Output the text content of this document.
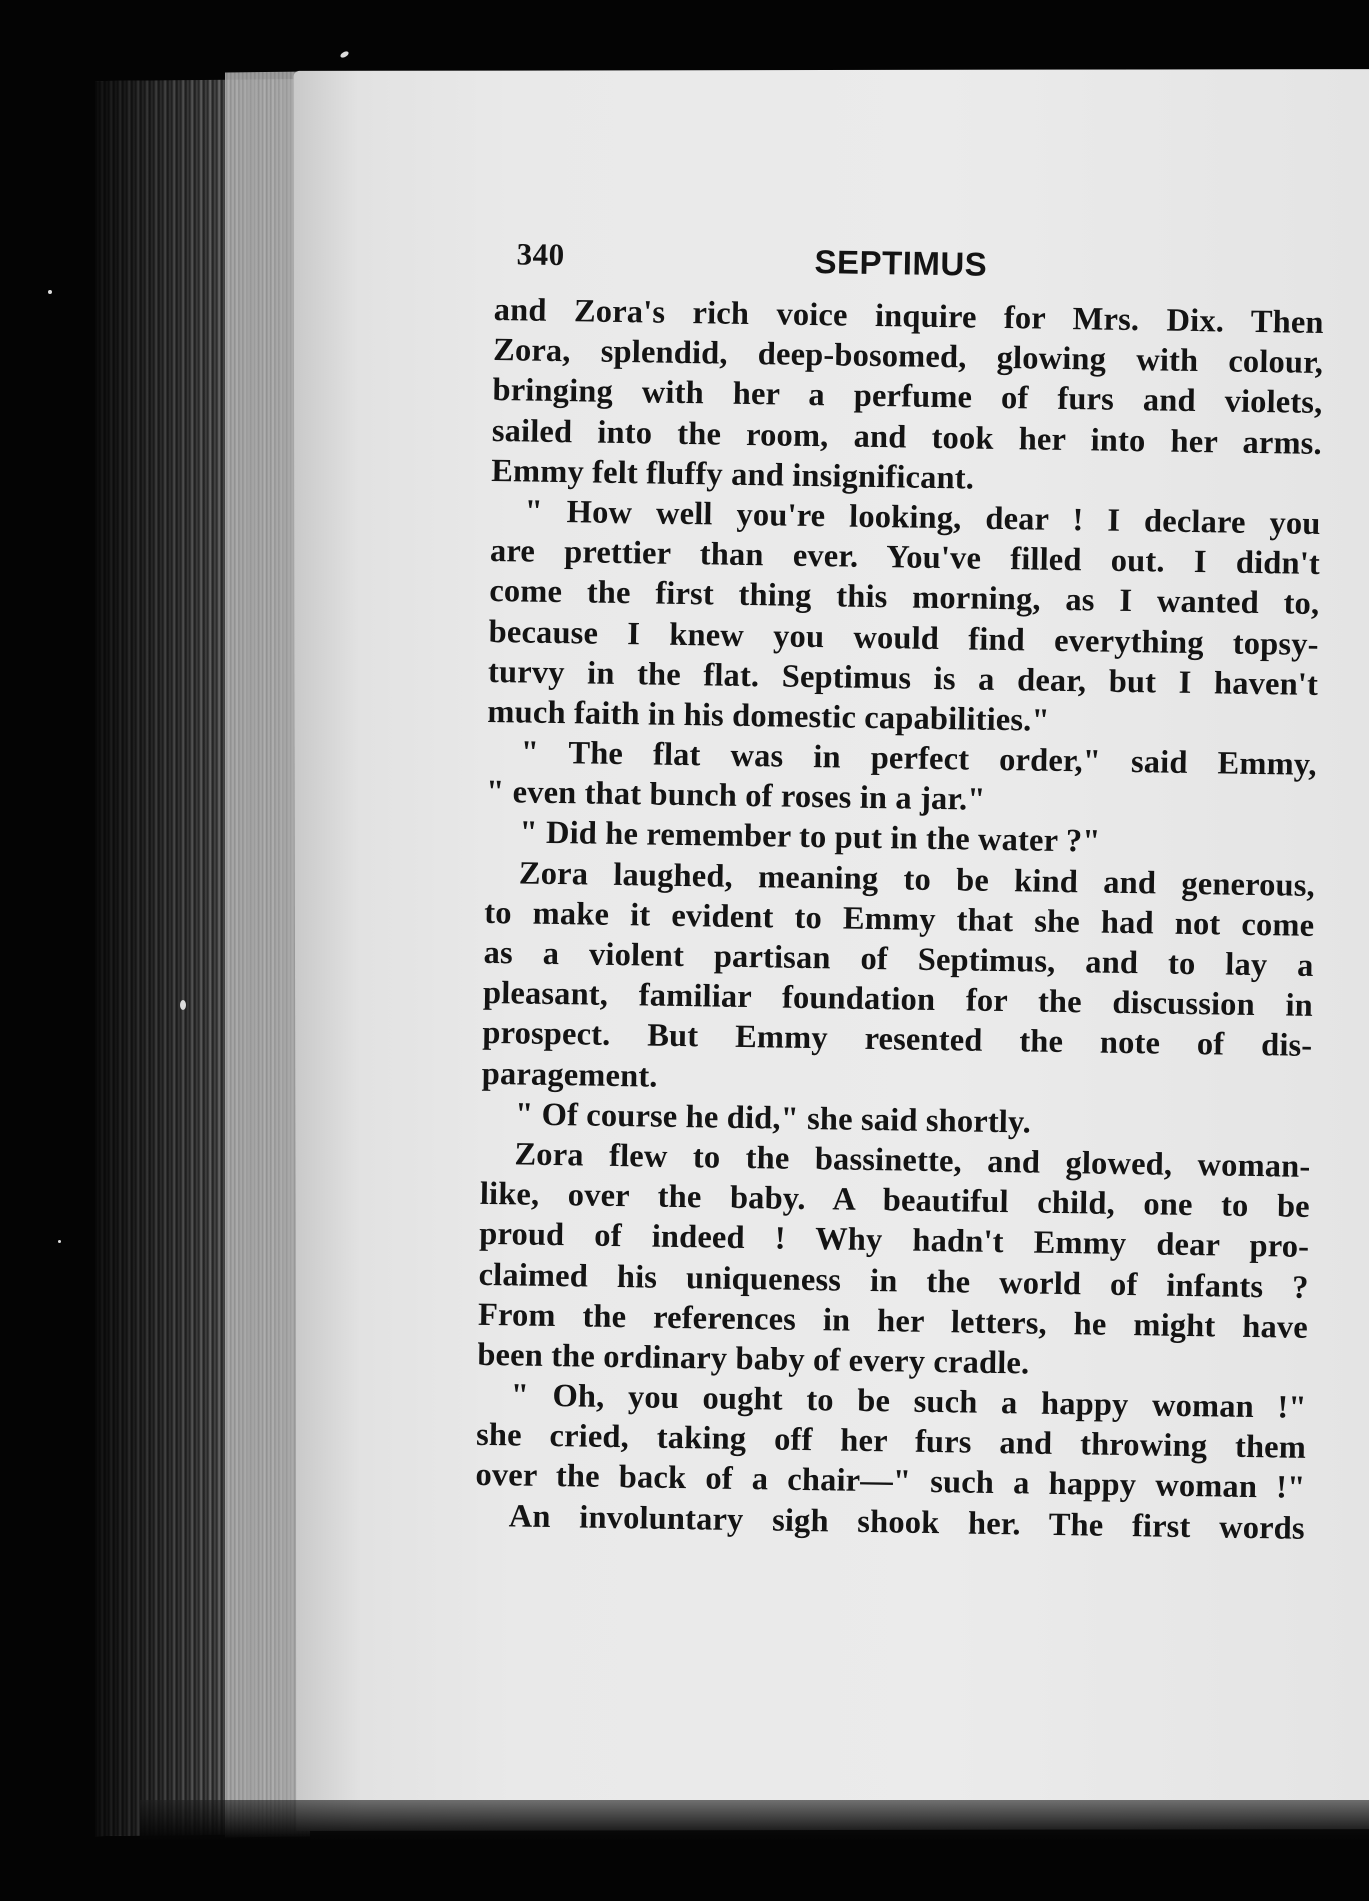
340	SEPTIMUS
and Zora's rich voice inquire for Mrs. Dix. Then
Zora, splendid, deep-bosomed, glowing with colour,
bringing with her a perfume of furs and violets,
sailed into the room, and took her into her arms.
Emmy felt fluffy and insignificant.
" How well you're looking, dear ! I declare you
are prettier than ever. You've filled out. I didn't
come the first thing this morning, as I wanted to,
because I knew you would find everything topsy-
turvy in the flat. Septimus is a dear, but I haven't
much faith in his domestic capabilities."
" The flat was in perfect order," said Emmy,
" even that bunch of roses in a jar."
" Did he remember to put in the water ?"
Zora laughed, meaning to be kind and generous,
to make it evident to Emmy that she had not come
as a violent partisan of Septimus, and to lay a
pleasant, familiar foundation for the discussion in
prospect. But Emmy resented the note of dis-
paragement.
" Of course he did," she said shortly.
Zora flew to the bassinette, and glowed, woman-
like, over the baby. A beautiful child, one to be
proud of indeed ! Why hadn't Emmy dear pro-
claimed his uniqueness in the world of infants ?
From the references in her letters, he might have
been the ordinary baby of every cradle.
" Oh, you ought to be such a happy woman !"
she cried, taking off her furs and throwing them
over the back of a chair—" such a happy woman !"
An involuntary sigh shook her. The first words
